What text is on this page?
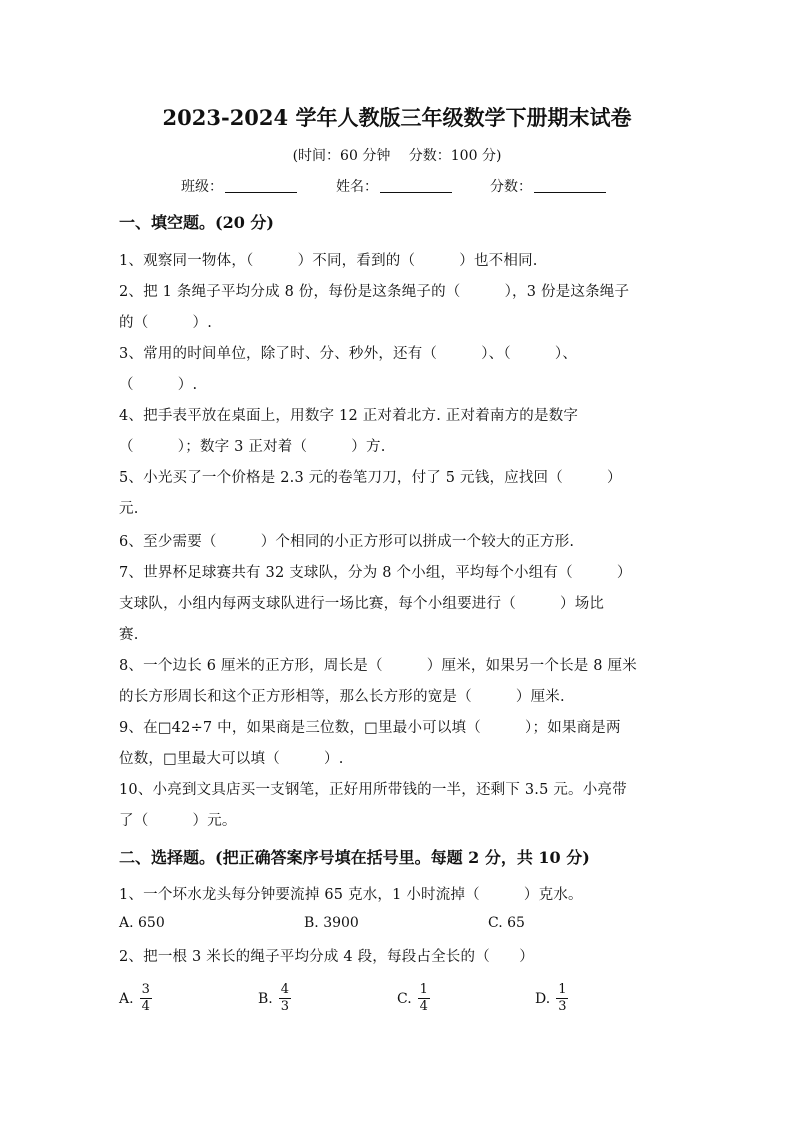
2023-2024 学年人教版三年级数学下册期末试卷
(时间：60 分钟　 分数：100 分)
班级：	姓名：	分数：
一、填空题。(20 分)
1、观察同一物体，（　　　）不同，看到的（　　　）也不相同.
2、把 1 条绳子平均分成 8 份，每份是这条绳子的（　　　），3 份是这条绳子
的（　　　）.
3、常用的时间单位，除了时、分、秒外，还有（　　　）、（　　　）、
（　　　）.
4、把手表平放在桌面上，用数字 12 正对着北方. 正对着南方的是数字
（　　　）；数字 3 正对着（　　　）方.
5、小光买了一个价格是 2.3 元的卷笔刀刀，付了 5 元钱，应找回（　　　）
元.
6、至少需要（　　　）个相同的小正方形可以拼成一个较大的正方形.
7、世界杯足球赛共有 32 支球队，分为 8 个小组，平均每个小组有（　　　）
支球队，小组内每两支球队进行一场比赛，每个小组要进行（　　　）场比
赛.
8、一个边长 6 厘米的正方形，周长是（　　　）厘米，如果另一个长是 8 厘米
的长方形周长和这个正方形相等，那么长方形的宽是（　　　）厘米.
9、在□42÷7 中，如果商是三位数，□里最小可以填（　　　）；如果商是两
位数，□里最大可以填（　　　）.
10、小亮到文具店买一支钢笔，正好用所带钱的一半，还剩下 3.5 元。小亮带
了（　　　）元。
二、选择题。(把正确答案序号填在括号里。每题 2 分，共 10 分)
1、一个坏水龙头每分钟要流掉 65 克水，1 小时流掉（　　　）克水。
A. 650	B. 3900	C. 65
2、把一根 3 米长的绳子平均分成 4 段，每段占全长的（　　）
A. $\frac{3}{4}$	B. $\frac{4}{3}$	C. $\frac{1}{4}$	D. $\frac{1}{3}$
